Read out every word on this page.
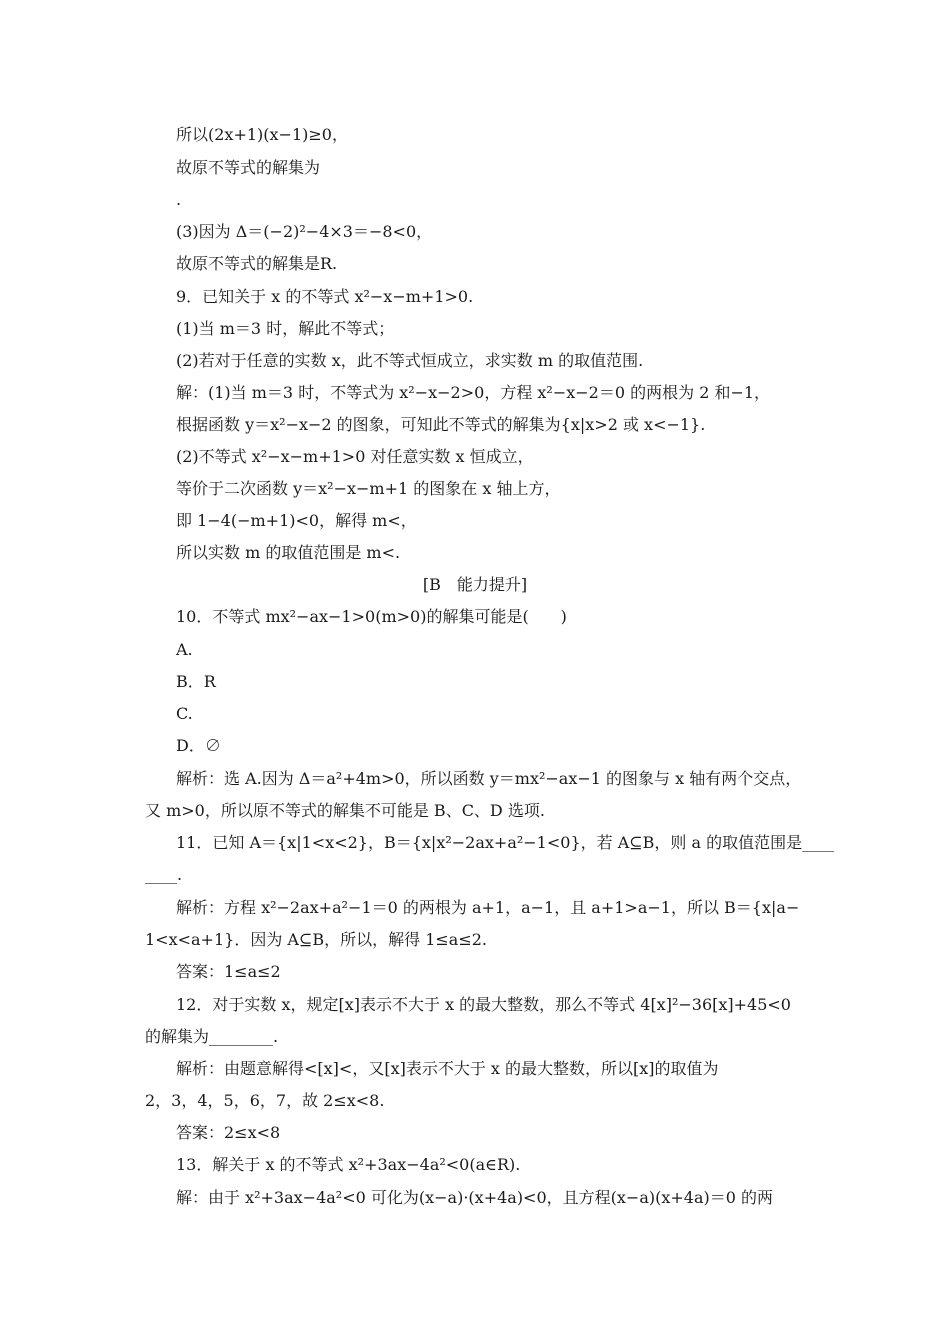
所以(2x+1)(x−1)≥0，
故原不等式的解集为
.
(3)因为 Δ＝(−2)²−4×3＝−8<0，
故原不等式的解集是R.
9．已知关于 x 的不等式 x²−x−m+1>0.
(1)当 m＝3 时，解此不等式；
(2)若对于任意的实数 x，此不等式恒成立，求实数 m 的取值范围.
解：(1)当 m＝3 时，不等式为 x²−x−2>0，方程 x²−x−2＝0 的两根为 2 和−1，
根据函数 y＝x²−x−2 的图象，可知此不等式的解集为{x|x>2 或 x<−1}.
(2)不等式 x²−x−m+1>0 对任意实数 x 恒成立，
等价于二次函数 y＝x²−x−m+1 的图象在 x 轴上方，
即 1−4(−m+1)<0，解得 m<，
所以实数 m 的取值范围是 m<.
[B　能力提升]
10．不等式 mx²−ax−1>0(m>0)的解集可能是(　　)
A.
B．R
C.
D．∅
解析：选 A.因为 Δ＝a²+4m>0，所以函数 y＝mx²−ax−1 的图象与 x 轴有两个交点，
又 m>0，所以原不等式的解集不可能是 B、C、D 选项.
11．已知 A＝{x|1<x<2}，B＝{x|x²−2ax+a²−1<0}，若 A⊆B，则 a 的取值范围是____
____.
解析：方程 x²−2ax+a²−1＝0 的两根为 a+1，a−1，且 a+1>a−1，所以 B＝{x|a−
1<x<a+1}．因为 A⊆B，所以，解得 1≤a≤2.
答案：1≤a≤2
12．对于实数 x，规定[x]表示不大于 x 的最大整数，那么不等式 4[x]²−36[x]+45<0
的解集为________.
解析：由题意解得<[x]<，又[x]表示不大于 x 的最大整数，所以[x]的取值为
2，3，4，5，6，7，故 2≤x<8.
答案：2≤x<8
13．解关于 x 的不等式 x²+3ax−4a²<0(a∈R).
解：由于 x²+3ax−4a²<0 可化为(x−a)·(x+4a)<0，且方程(x−a)(x+4a)＝0 的两
